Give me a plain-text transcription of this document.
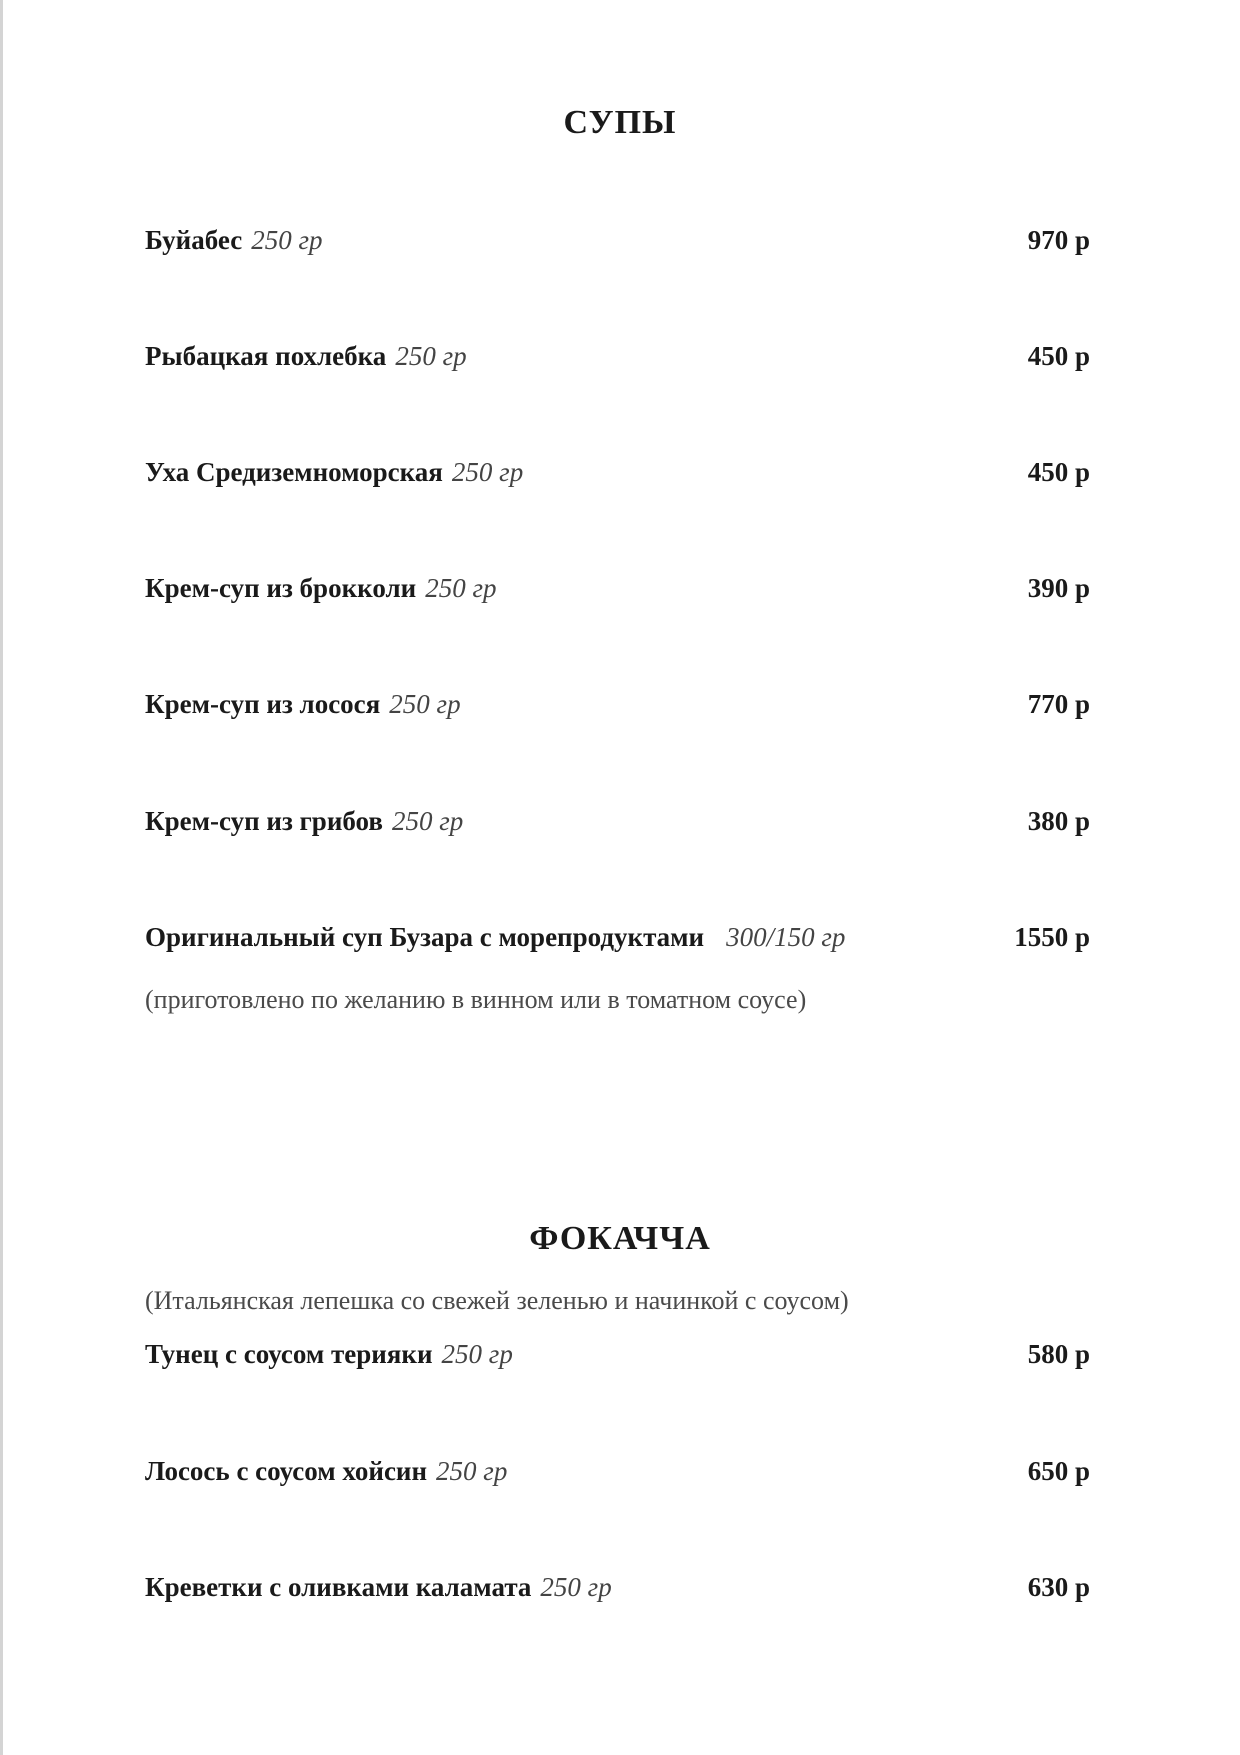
СУПЫ
Буйабес 250 гр	970 р
Рыбацкая похлебка 250 гр	450 р
Уха Средиземноморская 250 гр	450 р
Крем-суп из брокколи 250 гр	390 р
Крем-суп из лосося 250 гр	770 р
Крем-суп из грибов 250 гр	380 р
Оригинальный суп Бузара с морепродуктами 300/150 гр	1550 р
(приготовлено по желанию в винном или в томатном соусе)
ФОКАЧЧА
(Итальянская лепешка со свежей зеленью и начинкой с соусом)
Тунец с соусом терияки 250 гр	580 р
Лосось с соусом хойсин 250 гр	650 р
Креветки с оливками каламата 250 гр	630 р
